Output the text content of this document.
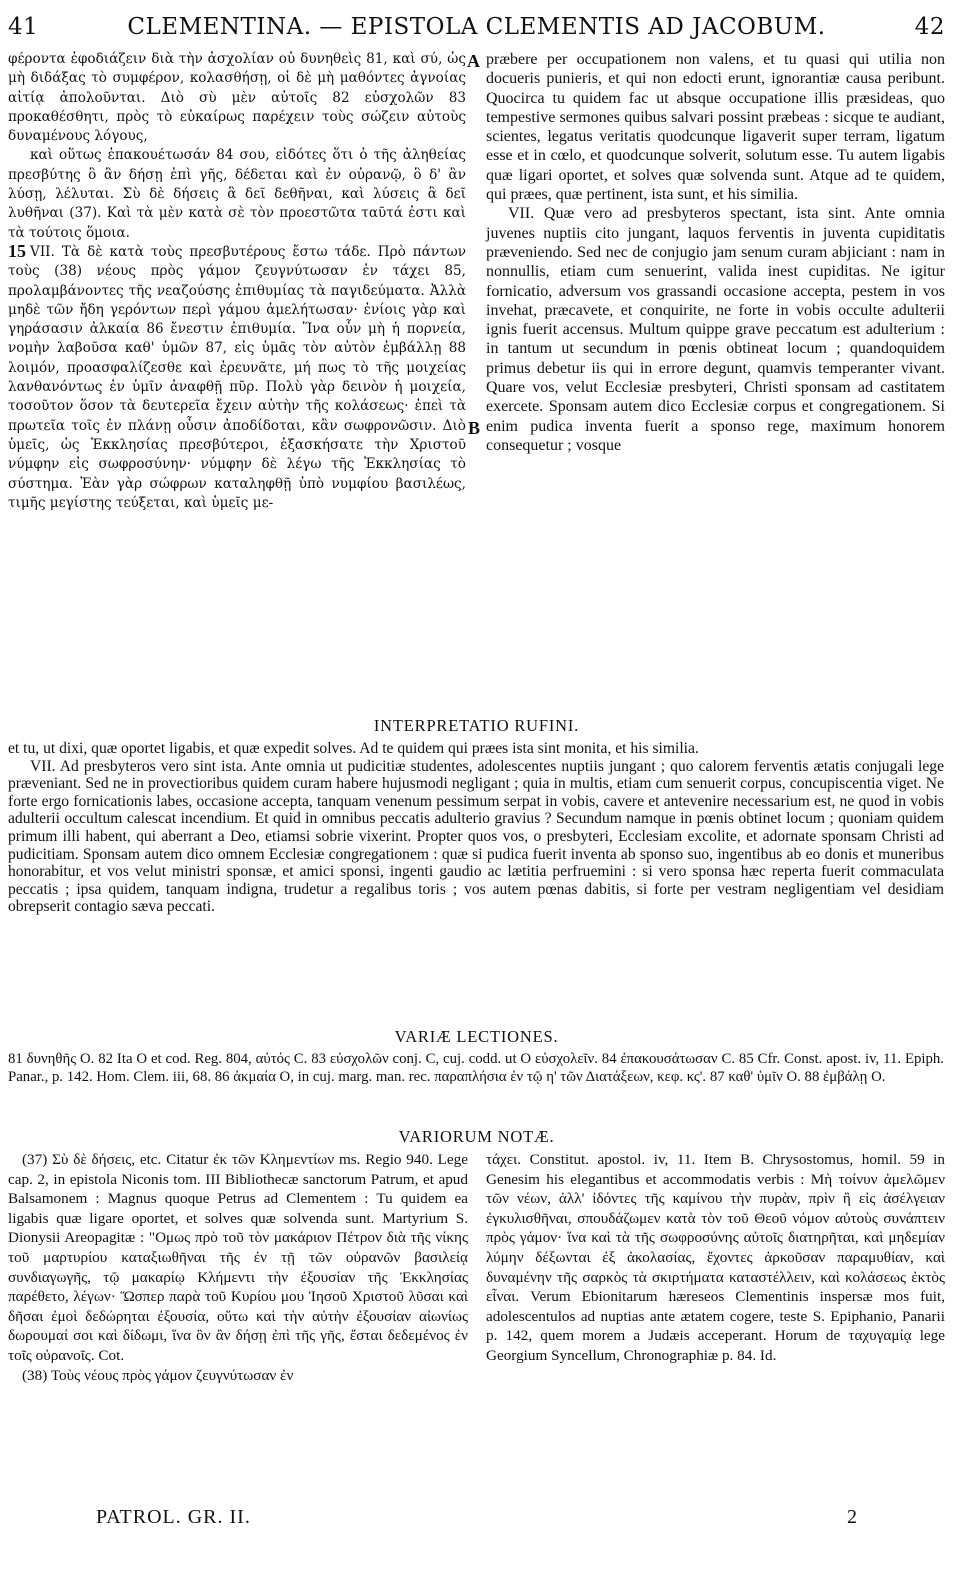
41	CLEMENTINA. — EPISTOLA CLEMENTIS AD JACOBUM.	42

φέροντα ἐφοδιάζειν διὰ τὴν ἀσχολίαν οὐ δυνηθεὶς 81, καὶ σύ, ὡς μὴ διδάξας τὸ συμφέρον, κολασθήσῃ, οἱ δὲ μὴ μαθόντες ἀγνοίας αἰτίᾳ ἀπολοῦνται. Διὸ σὺ μὲν αὐτοῖς 82 εὐσχολῶν 83 προκαθέσθητι, πρὸς τὸ εὐκαίρως παρέχειν τοὺς σώζειν αὐτοὺς δυναμένους λόγους,

καὶ οὕτως ἐπακουέτωσάν 84 σου, εἰδότες ὅτι ὁ τῆς ἀληθείας πρεσβύτης ὃ ἂν δήσῃ ἐπὶ γῆς, δέδεται καὶ ἐν οὐρανῷ, ὃ δ' ἂν λύσῃ, λέλυται. Σὺ δὲ δήσεις ἃ δεῖ δεθῆναι, καὶ λύσεις ἃ δεῖ λυθῆναι (37). Καὶ τὰ μὲν κατὰ σὲ τὸν προεστῶτα ταῦτά ἐστι καὶ τὰ τούτοις ὅμοια.

VII. Τὰ δὲ κατὰ τοὺς πρεσβυτέρους ἔστω τάδε. Πρὸ πάντων τοὺς (38) νέους πρὸς γάμον ζευγνύτωσαν ἐν τάχει 85, προλαμβάνοντες τῆς νεαζούσης ἐπιθυμίας τὰ παγιδεύματα. Ἀλλὰ μηδὲ τῶν ἤδη γερόντων περὶ γάμου ἀμελήτωσαν· ἐνίοις γὰρ καὶ γηράσασιν ἀλκαία 86 ἔνεστιν ἐπιθυμία. Ἵνα οὖν μὴ ἡ πορνεία, νομὴν λαβοῦσα καθ' ὑμῶν 87, εἰς ὑμᾶς τὸν αὐτὸν ἐμβάλλῃ 88 λοιμόν, προασφαλίζεσθε καὶ ἐρευνᾶτε, μή πως τὸ τῆς μοιχείας λανθανόντως ἐν ὑμῖν ἀναφθῇ πῦρ. Πολὺ γὰρ δεινὸν ἡ μοιχεία, τοσοῦτον ὅσον τὰ δευτερεῖα ἔχειν αὐτὴν τῆς κολάσεως· ἐπεὶ τὰ πρωτεῖα τοῖς ἐν πλάνῃ οὖσιν ἀποδίδοται, κἂν σωφρονῶσιν. Διὸ ὑμεῖς, ὡς Ἐκκλησίας πρεσβύτεροι, ἐξασκήσατε τὴν Χριστοῦ νύμφην εἰς σωφροσύνην· νύμφην δὲ λέγω τῆς Ἐκκλησίας τὸ σύστημα. Ἐὰν γὰρ σώφρων καταληφθῇ ὑπὸ νυμφίου βασιλέως, τιμῆς μεγίστης τεύξεται, καὶ ὑμεῖς με-

15
A
B

præbere per occupationem non valens, et tu quasi qui utilia non docueris punieris, et qui non edocti erunt, ignorantiæ causa peribunt. Quocirca tu quidem fac ut absque occupatione illis præsideas, quo tempestive sermones quibus salvari possint præbeas : sicque te audiant, scientes, legatus veritatis quodcunque ligaverit super terram, ligatum esse et in cœlo, et quodcunque solverit, solutum esse. Tu autem ligabis quæ ligari oportet, et solves quæ solvenda sunt. Atque ad te quidem, qui præes, quæ pertinent, ista sunt, et his similia.

VII. Quæ vero ad presbyteros spectant, ista sint. Ante omnia juvenes nuptiis cito jungant, laquos ferventis in juventa cupiditatis præveniendo. Sed nec de conjugio jam senum curam abjiciant : nam in nonnullis, etiam cum senuerint, valida inest cupiditas. Ne igitur fornicatio, adversum vos grassandi occasione accepta, pestem in vos invehat, præcavete, et conquirite, ne forte in vobis occulte adulterii ignis fuerit accensus. Multum quippe grave peccatum est adulterium : in tantum ut secundum in pœnis obtineat locum ; quandoquidem primus debetur iis qui in errore degunt, quamvis temperanter vivant. Quare vos, velut Ecclesiæ presbyteri, Christi sponsam ad castitatem exercete. Sponsam autem dico Ecclesiæ corpus et congregationem. Si enim pudica inventa fuerit a sponso rege, maximum honorem consequetur ; vosque

INTERPRETATIO RUFINI.

et tu, ut dixi, quæ oportet ligabis, et quæ expedit solves. Ad te quidem qui præes ista sint monita, et his similia.

VII. Ad presbyteros vero sint ista. Ante omnia ut pudicitiæ studentes, adolescentes nuptiis jungant ; quo calorem ferventis ætatis conjugali lege præveniant. Sed ne in provectioribus quidem curam habere hujusmodi negligant ; quia in multis, etiam cum senuerit corpus, concupiscentia viget. Ne forte ergo fornicationis labes, occasione accepta, tanquam venenum pessimum serpat in vobis, cavere et antevenire necessarium est, ne quod in vobis adulterii occultum calescat incendium. Et quid in omnibus peccatis adulterio gravius ? Secundum namque in pœnis obtinet locum ; quoniam quidem primum illi habent, qui aberrant a Deo, etiamsi sobrie vixerint. Propter quos vos, o presbyteri, Ecclesiam excolite, et adornate sponsam Christi ad pudicitiam. Sponsam autem dico omnem Ecclesiæ congregationem : quæ si pudica fuerit inventa ab sponso suo, ingentibus ab eo donis et muneribus honorabitur, et vos velut ministri sponsæ, et amici sponsi, ingenti gaudio ac lætitia perfruemini : si vero sponsa hæc reperta fuerit commaculata peccatis ; ipsa quidem, tanquam indigna, trudetur a regalibus toris ; vos autem pœnas dabitis, si forte per vestram negligentiam vel desidiam obrepserit contagio sæva peccati.

VARIÆ LECTIONES.

81 δυνηθῆς O. 82 Ita O et cod. Reg. 804, αὐτός C. 83 εὐσχολῶν conj. C, cuj. codd. ut O εὐσχολεῖν. 84 ἐπακουσάτωσαν C. 85 Cfr. Const. apost. iv, 11. Epiph. Panar., p. 142. Hom. Clem. iii, 68. 86 ἀκμαία O, in cuj. marg. man. rec. παραπλήσια ἐν τῷ η' τῶν Διατάξεων, κεφ. κς'. 87 καθ' ὑμῖν O. 88 ἐμβάλῃ O.

VARIORUM NOTÆ.

(37) Σὺ δὲ δήσεις, etc. Citatur ἐκ τῶν Κλημεντίων ms. Regio 940. Lege cap. 2, in epistola Niconis tom. III Bibliothecæ sanctorum Patrum, et apud Balsamonem : Magnus quoque Petrus ad Clementem : Tu quidem ea ligabis quæ ligare oportet, et solves quæ solvenda sunt. Martyrium S. Dionysii Areopagitæ : "Ομως πρὸ τοῦ τὸν μακάριον Πέτρον διὰ τῆς νίκης τοῦ μαρτυρίου καταξιωθῆναι τῆς ἐν τῇ τῶν οὐρανῶν βασιλείᾳ συνδιαγωγῆς, τῷ μακαρίῳ Κλήμεντι τὴν ἐξουσίαν τῆς Ἐκκλησίας παρέθετο, λέγων· Ὥσπερ παρὰ τοῦ Κυρίου μου Ἰησοῦ Χριστοῦ λῦσαι καὶ δῆσαι ἐμοὶ δεδώρηται ἐξουσία, οὕτω καὶ τὴν αὐτὴν ἐξουσίαν αἰωνίως δωρουμαί σοι καὶ δίδωμι, ἵνα ὃν ἂν δήσῃ ἐπὶ τῆς γῆς, ἔσται δεδεμένος ἐν τοῖς οὐρανοῖς. Cot.

(38) Τοὺς νέους πρὸς γάμον ζευγνύτωσαν ἐν

τάχει. Constitut. apostol. iv, 11. Item B. Chrysostomus, homil. 59 in Genesim his elegantibus et accommodatis verbis : Μὴ τοίνυν ἀμελῶμεν τῶν νέων, ἀλλ' ἰδόντες τῆς καμίνου τὴν πυρὰν, πρὶν ἢ εἰς ἀσέλγειαν ἐγκυλισθῆναι, σπουδάζωμεν κατὰ τὸν τοῦ Θεοῦ νόμον αὐτοὺς συνάπτειν πρὸς γάμον· ἵνα καὶ τὰ τῆς σωφροσύνης αὐτοῖς διατηρῆται, καὶ μηδεμίαν λύμην δέξωνται ἐξ ἀκολασίας, ἔχοντες ἀρκοῦσαν παραμυθίαν, καὶ δυναμένην τῆς σαρκὸς τὰ σκιρτήματα καταστέλλειν, καὶ κολάσεως ἐκτὸς εἶναι. Verum Ebionitarum hæreseos Clementinis inspersæ mos fuit, adolescentulos ad nuptias ante ætatem cogere, teste S. Epiphanio, Panarii p. 142, quem morem a Judæis acceperant. Horum de ταχυγαμίᾳ lege Georgium Syncellum, Chronographiæ p. 84. Id.

PATROL. GR. II.	2
